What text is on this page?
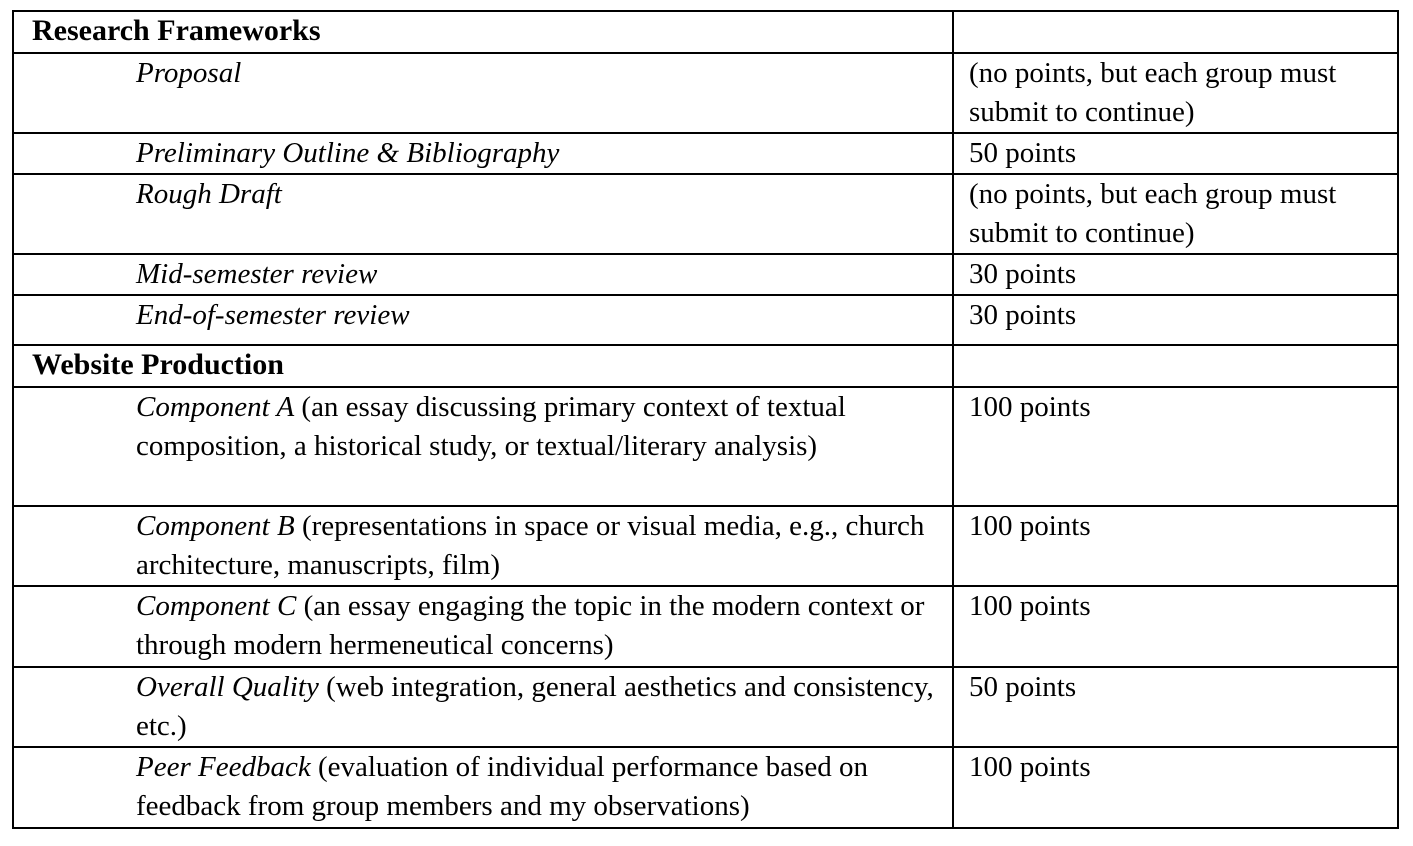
Research Frameworks	

Proposal	(no points, but each group must submit to continue)
Preliminary Outline & Bibliography	50 points
Rough Draft	(no points, but each group must submit to continue)
Mid-semester review	30 points
End-of-semester review	30 points

Website Production	

Component A (an essay discussing primary context of textual composition, a historical study, or textual/literary analysis)	100 points
Component B (representations in space or visual media, e.g., church architecture, manuscripts, film)	100 points
Component C (an essay engaging the topic in the modern context or through modern hermeneutical concerns)	100 points
Overall Quality (web integration, general aesthetics and consistency, etc.)	50 points
Peer Feedback (evaluation of individual performance based on feedback from group members and my observations)	100 points
